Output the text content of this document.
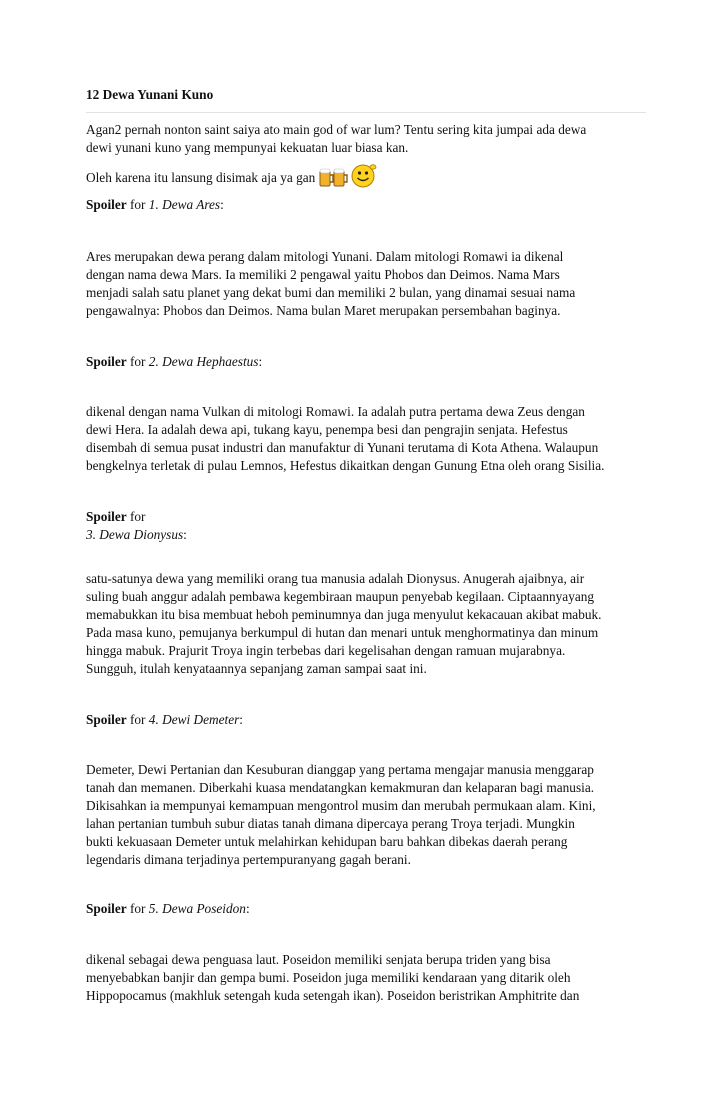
12 Dewa Yunani Kuno
Agan2 pernah nonton saint saiya ato main god of war lum? Tentu sering kita jumpai ada dewa
dewi yunani kuno yang mempunyai kekuatan luar biasa kan.
Oleh karena itu lansung disimak aja ya gan
Spoiler for 1. Dewa Ares:
Ares merupakan dewa perang dalam mitologi Yunani. Dalam mitologi Romawi ia dikenal
dengan nama dewa Mars. Ia memiliki 2 pengawal yaitu Phobos dan Deimos. Nama Mars
menjadi salah satu planet yang dekat bumi dan memiliki 2 bulan, yang dinamai sesuai nama
pengawalnya: Phobos dan Deimos. Nama bulan Maret merupakan persembahan baginya.
Spoiler for 2. Dewa Hephaestus:
dikenal dengan nama Vulkan di mitologi Romawi. Ia adalah putra pertama dewa Zeus dengan
dewi Hera. Ia adalah dewa api, tukang kayu, penempa besi dan pengrajin senjata. Hefestus
disembah di semua pusat industri dan manufaktur di Yunani terutama di Kota Athena. Walaupun
bengkelnya terletak di pulau Lemnos, Hefestus dikaitkan dengan Gunung Etna oleh orang Sisilia.
Spoiler for
3. Dewa Dionysus:
satu-satunya dewa yang memiliki orang tua manusia adalah Dionysus. Anugerah ajaibnya, air
suling buah anggur adalah pembawa kegembiraan maupun penyebab kegilaan. Ciptaannyayang
memabukkan itu bisa membuat heboh peminumnya dan juga menyulut kekacauan akibat mabuk.
Pada masa kuno, pemujanya berkumpul di hutan dan menari untuk menghormatinya dan minum
hingga mabuk. Prajurit Troya ingin terbebas dari kegelisahan dengan ramuan mujarabnya.
Sungguh, itulah kenyataannya sepanjang zaman sampai saat ini.
Spoiler for 4. Dewi Demeter:
Demeter, Dewi Pertanian dan Kesuburan dianggap yang pertama mengajar manusia menggarap
tanah dan memanen. Diberkahi kuasa mendatangkan kemakmuran dan kelaparan bagi manusia.
Dikisahkan ia mempunyai kemampuan mengontrol musim dan merubah permukaan alam. Kini,
lahan pertanian tumbuh subur diatas tanah dimana dipercaya perang Troya terjadi. Mungkin
bukti kekuasaan Demeter untuk melahirkan kehidupan baru bahkan dibekas daerah perang
legendaris dimana terjadinya pertempuranyang gagah berani.
Spoiler for 5. Dewa Poseidon:
dikenal sebagai dewa penguasa laut. Poseidon memiliki senjata berupa triden yang bisa
menyebabkan banjir dan gempa bumi. Poseidon juga memiliki kendaraan yang ditarik oleh
Hippopocamus (makhluk setengah kuda setengah ikan). Poseidon beristrikan Amphitrite dan
